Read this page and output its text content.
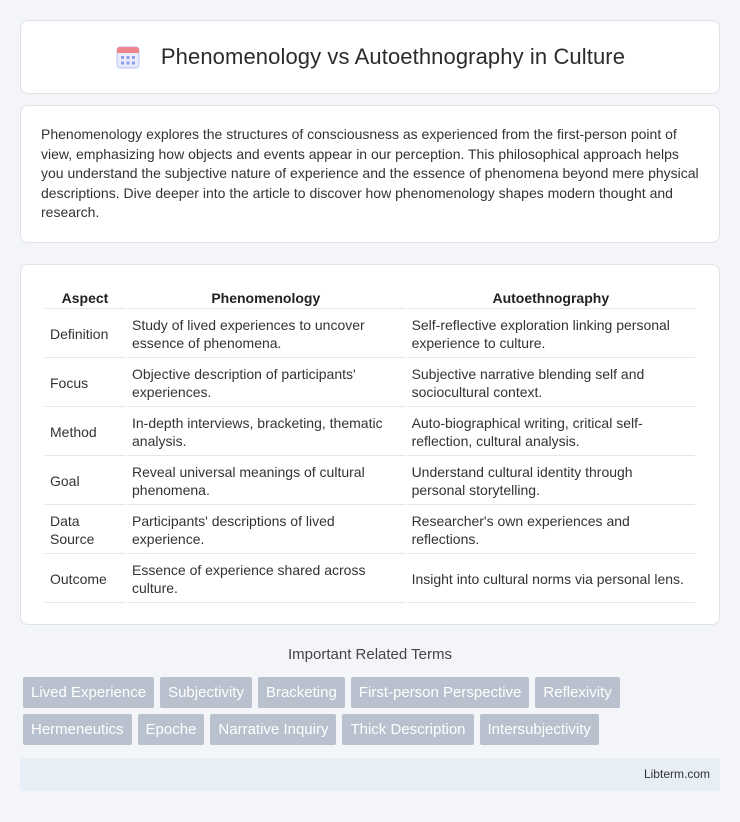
Phenomenology vs Autoethnography in Culture

Phenomenology explores the structures of consciousness as experienced from the first-person point of view, emphasizing how objects and events appear in our perception. This philosophical approach helps you understand the subjective nature of experience and the essence of phenomena beyond mere physical descriptions. Dive deeper into the article to discover how phenomenology shapes modern thought and research.

Aspect	Phenomenology	Autoethnography
Definition	Study of lived experiences to uncover essence of phenomena.	Self-reflective exploration linking personal experience to culture.
Focus	Objective description of participants' experiences.	Subjective narrative blending self and sociocultural context.
Method	In-depth interviews, bracketing, thematic analysis.	Auto-biographical writing, critical self-reflection, cultural analysis.
Goal	Reveal universal meanings of cultural phenomena.	Understand cultural identity through personal storytelling.
Data Source	Participants' descriptions of lived experience.	Researcher's own experiences and reflections.
Outcome	Essence of experience shared across culture.	Insight into cultural norms via personal lens.
Important Related Terms
Lived Experience	Subjectivity	Bracketing	First-person Perspective	Reflexivity
Hermeneutics	Epoche	Narrative Inquiry	Thick Description	Intersubjectivity
Libterm.com
